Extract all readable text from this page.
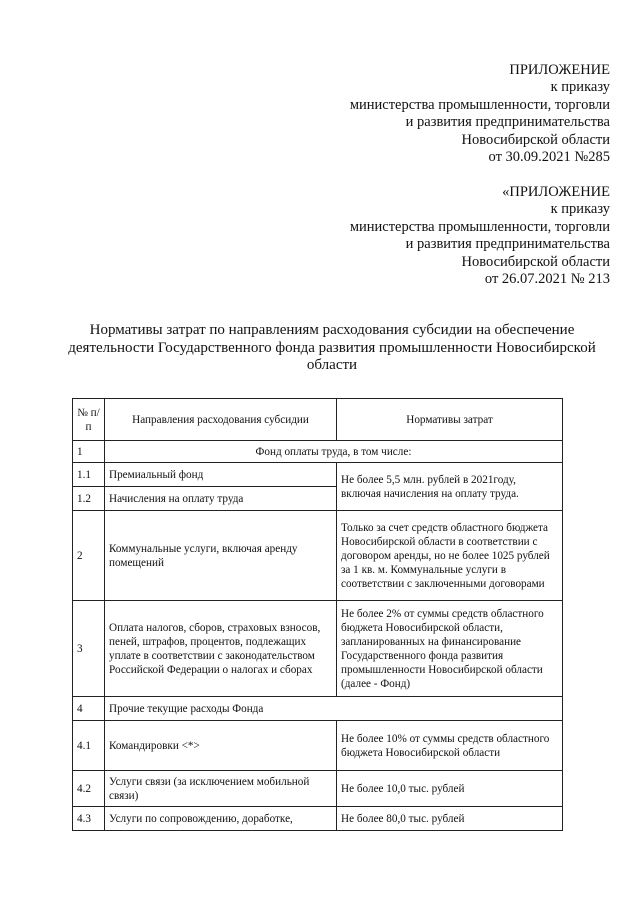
ПРИЛОЖЕНИЕ
к приказу
министерства промышленности, торговли
и развития предпринимательства
Новосибирской области
от 30.09.2021 №285
«ПРИЛОЖЕНИЕ
к приказу
министерства промышленности, торговли
и развития предпринимательства
Новосибирской области
от 26.07.2021 № 213
Нормативы затрат по направлениям расходования субсидии на обеспечение
деятельности Государственного фонда развития промышленности Новосибирской
области
№ п/п	Направления расходования субсидии	Нормативы затрат
1	Фонд оплаты труда, в том числе:	
1.1	Премиальный фонд	Не более 5,5 млн. рублей в 2021году, включая начисления на оплату труда.
1.2	Начисления на оплату труда	
2	Коммунальные услуги, включая аренду помещений	Только за счет средств областного бюджета Новосибирской области в соответствии с договором аренды, но не более 1025 рублей за 1 кв. м. Коммунальные услуги в соответствии с заключенными договорами
3	Оплата налогов, сборов, страховых взносов, пеней, штрафов, процентов, подлежащих уплате в соответствии с законодательством Российской Федерации о налогах и сборах	Не более 2% от суммы средств областного бюджета Новосибирской области, запланированных на финансирование Государственного фонда развития промышленности Новосибирской области (далее - Фонд)
4	Прочие текущие расходы Фонда	
4.1	Командировки <*>	Не более 10% от суммы средств областного бюджета Новосибирской области
4.2	Услуги связи (за исключением мобильной связи)	Не более 10,0 тыс. рублей
4.3	Услуги по сопровождению, доработке,	Не более 80,0 тыс. рублей
